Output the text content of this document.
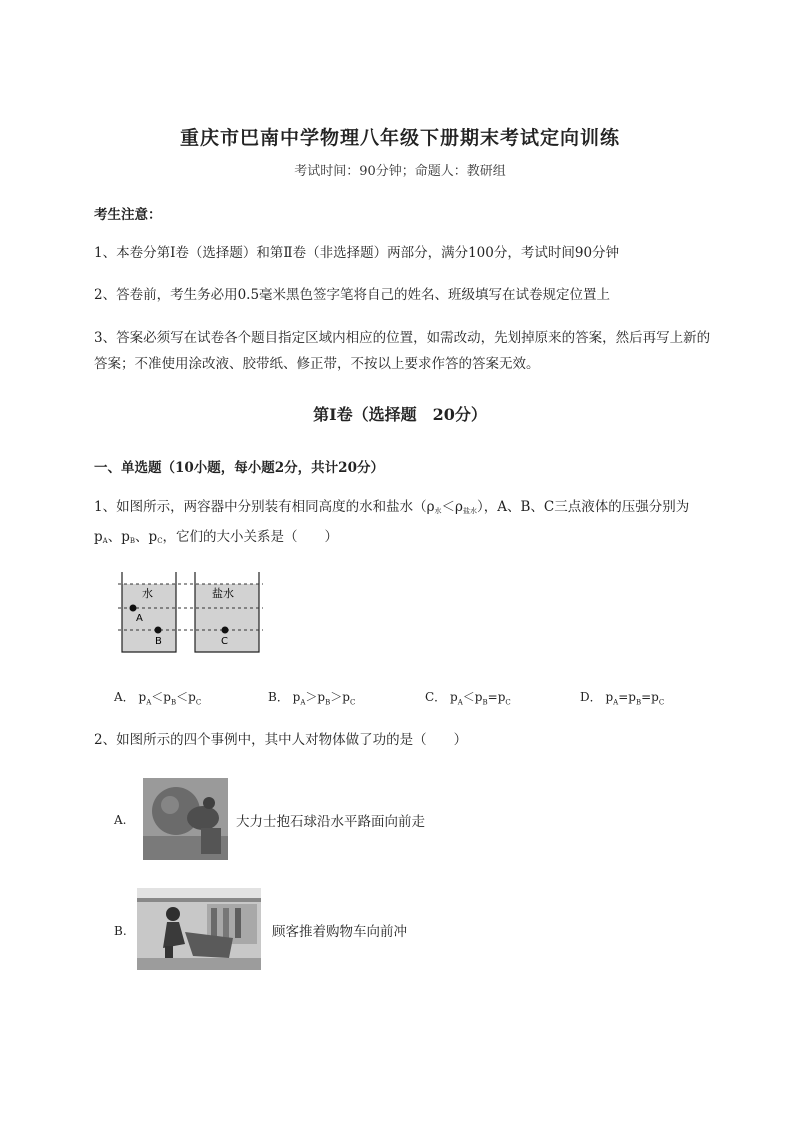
重庆市巴南中学物理八年级下册期末考试定向训练
考试时间：90分钟；命题人：教研组
考生注意：
1、本卷分第Ⅰ卷（选择题）和第Ⅱ卷（非选择题）两部分，满分100分，考试时间90分钟
2、答卷前，考生务必用0.5毫米黑色签字笔将自己的姓名、班级填写在试卷规定位置上
3、答案必须写在试卷各个题目指定区域内相应的位置，如需改动，先划掉原来的答案，然后再写上新的答案；不准使用涂改液、胶带纸、修正带，不按以上要求作答的答案无效。
第Ⅰ卷（选择题　20分）
一、单选题（10小题，每小题2分，共计20分）
1、如图所示，两容器中分别装有相同高度的水和盐水（ρ水＜ρ盐水），A、B、C三点液体的压强分别为
pA、pB、pC，它们的大小关系是（　　）
水	盐水
A
B	C
A． $p_A<p_B<p_C$	B． $p_A>p_B>p_C$	C． $p_A<p_B=p_C$	D． $p_A=p_B=p_C$
2、如图所示的四个事例中，其中人对物体做了功的是（　　）
A.	大力士抱石球沿水平路面向前走
B.	顾客推着购物车向前冲
